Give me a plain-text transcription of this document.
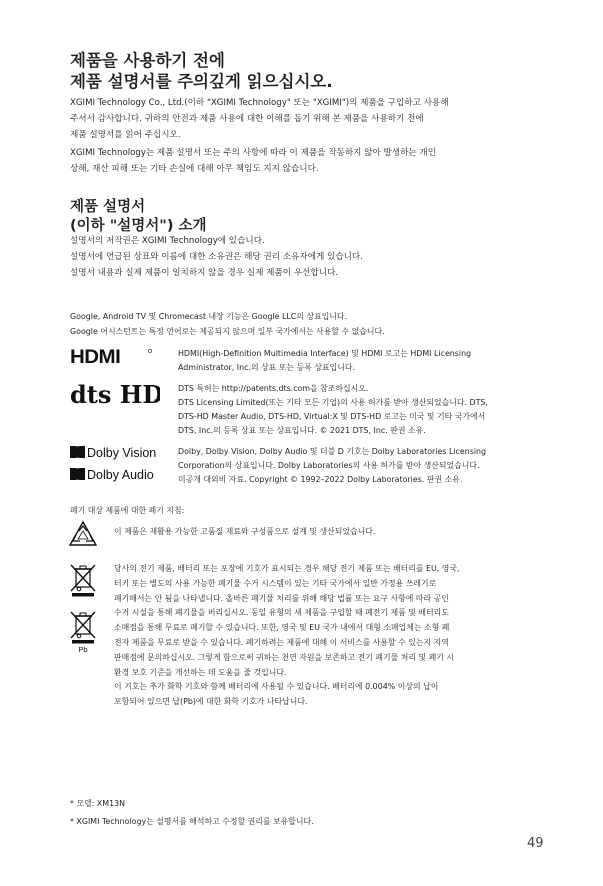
제품을 사용하기 전에
제품 설명서를 주의깊게 읽으십시오.
XGIMI Technology Co., Ltd.(이하 "XGIMI Technology" 또는 "XGIMI")의 제품을 구입하고 사용해
주셔서 감사합니다. 귀하의 안전과 제품 사용에 대한 이해를 돕기 위해 본 제품을 사용하기 전에
제품 설명서를 읽어 주십시오.
XGIMI Technology는 제품 설명서 또는 주의 사항에 따라 이 제품을 작동하지 않아 발생하는 개인
상해, 재산 피해 또는 기타 손실에 대해 아무 책임도 지지 않습니다.
제품 설명서
(이하 "설명서") 소개
설명서의 저작권은 XGIMI Technology에 있습니다.
설명서에 언급된 상표와 이름에 대한 소유권은 해당 권리 소유자에게 있습니다.
설명서 내용과 실제 제품이 일치하지 않을 경우 실제 제품이 우선합니다.
Google, Android TV 및 Chromecast 내장 기능은 Google LLC의 상표입니다.
Google 어시스턴트는 특정 언어로는 제공되지 않으며 일부 국가에서는 사용할 수 없습니다.
HDMI	HDMI(High-Definition Multimedia Interface) 및 HDMI 로고는 HDMI Licensing
Administrator, Inc.의 상표 또는 등록 상표입니다.
dts HD DTS 특허는 http://patents.dts.com을 참조하십시오.
DTS Licensing Limited(또는 기타 모든 기업)의 사용 허가를 받아 생산되었습니다. DTS,
DTS-HD Master Audio, DTS-HD, Virtual:X 및 DTS-HD 로고는 미국 및 기타 국가에서
DTS, Inc.의 등록 상표 또는 상표입니다. © 2021 DTS, Inc. 판권 소유.
Dolby Vision
Dolby Audio
Dolby, Dolby Vision, Dolby Audio 및 더블 D 기호는 Dolby Laboratories Licensing
Corporation의 상표입니다. Dolby Laboratories의 사용 허가를 받아 생산되었습니다.
미공개 대외비 자료. Copyright © 1992–2022 Dolby Laboratories. 판권 소유.
폐기 대상 제품에 대한 폐기 지침:
이 제품은 재활용 가능한 고품질 재료와 구성품으로 설계 및 생산되었습니다.
Pb
당사의 전기 제품, 배터리 또는 포장에 기호가 표시되는 경우 해당 전기 제품 또는 배터리를 EU, 영국,
터키 또는 별도의 사용 가능한 폐기물 수거 시스템이 있는 기타 국가에서 일반 가정용 쓰레기로
폐기해서는 안 됨을 나타냅니다. 올바른 폐기물 처리를 위해 해당 법률 또는 요구 사항에 따라 공인
수거 시설을 통해 폐기물을 버리십시오. 동일 유형의 새 제품을 구입할 때 폐전기 제품 및 배터리도
소매점을 통해 무료로 폐기할 수 있습니다. 또한, 영국 및 EU 국가 내에서 대형 소매업체는 소형 폐
전자 제품을 무료로 받을 수 있습니다. 폐기하려는 제품에 대해 이 서비스를 사용할 수 있는지 지역
판매점에 문의하십시오. 그렇게 함으로써 귀하는 천연 자원을 보존하고 전기 폐기물 처리 및 폐기 시
환경 보호 기준을 개선하는 데 도움을 줄 것입니다.
이 기호는 추가 화학 기호와 함께 배터리에 사용될 수 있습니다. 배터리에 0.004% 이상의 납이
포함되어 있으면 납(Pb)에 대한 화학 기호가 나타납니다.
* 모델: XM13N
* XGIMI Technology는 설명서를 해석하고 수정할 권리를 보유합니다.
49
